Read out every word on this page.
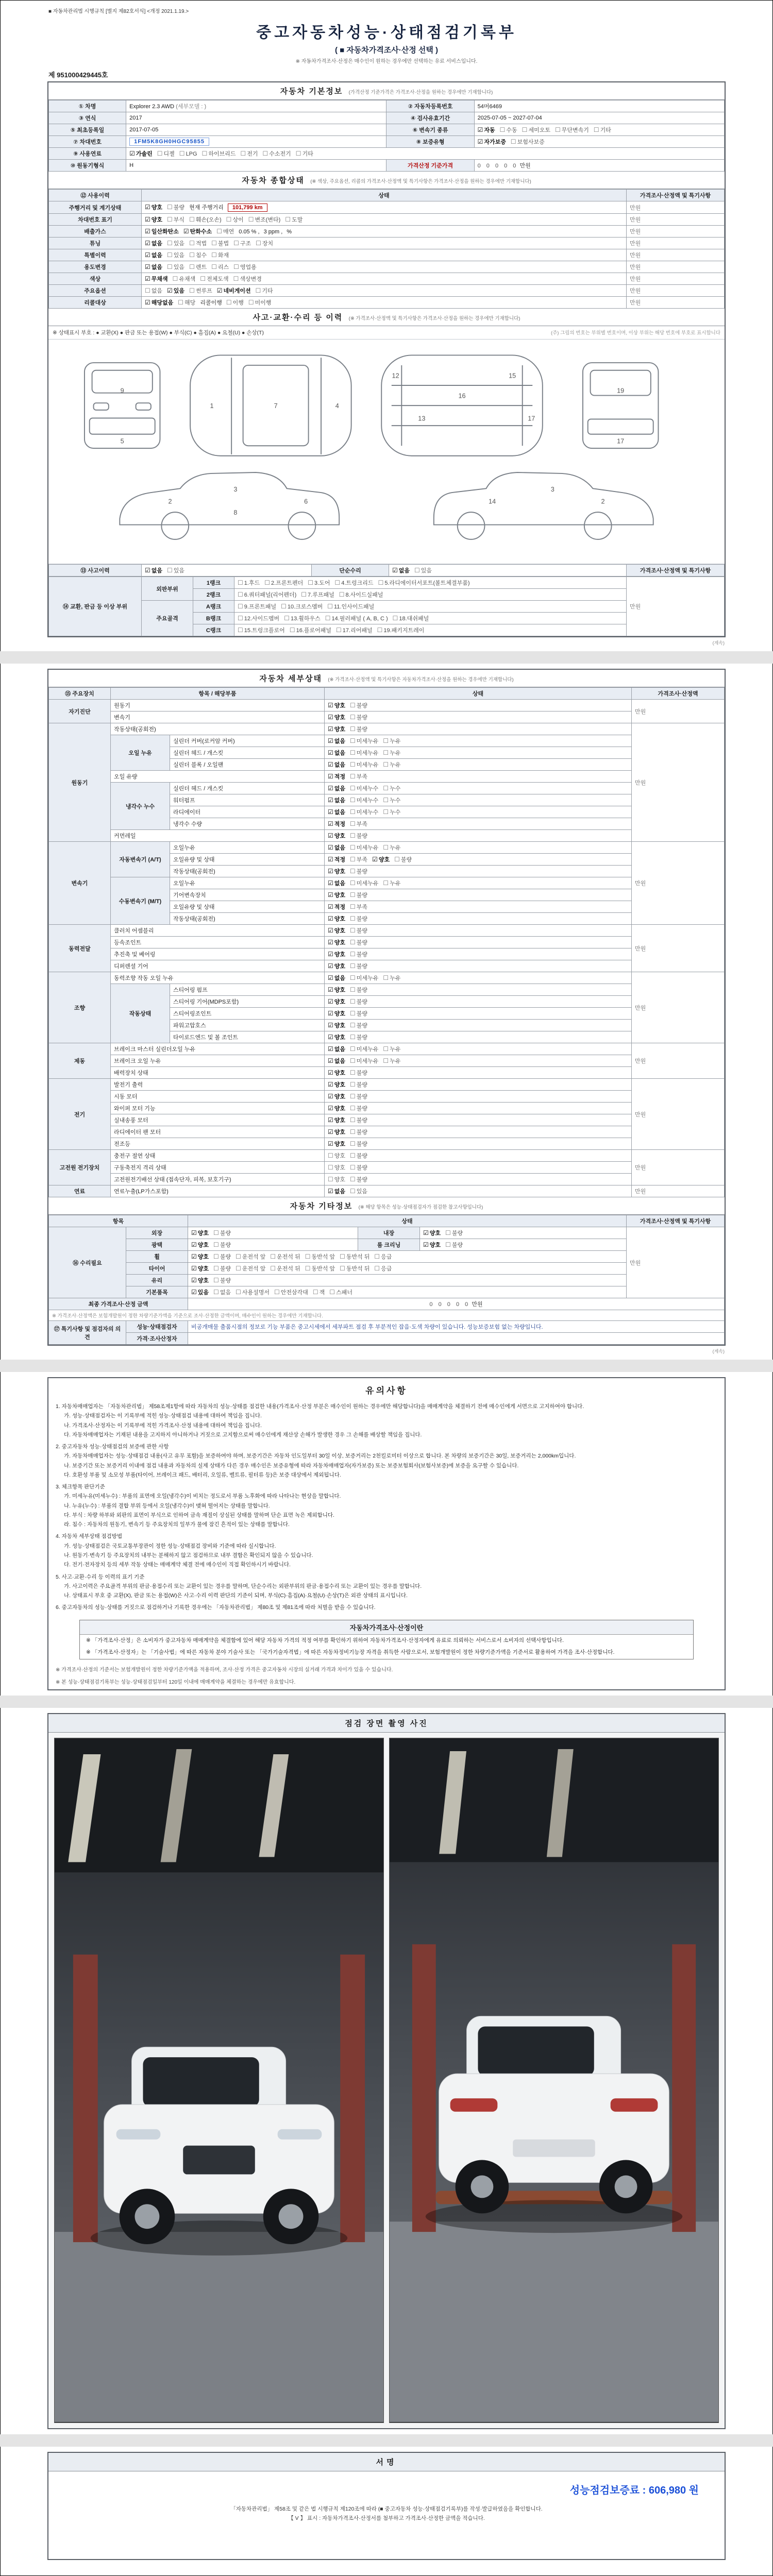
■ 자동차관리법 시행규칙 [별지 제82호서식] <개정 2021.1.19.>
중고자동차성능·상태점검기록부
( ■ 자동차가격조사·산정 선택 )
※ 자동차가격조사·산정은 매수인이 원하는 경우에만 선택하는 유료 서비스입니다.
제 951000429445호
자동차 기본정보 (가격산정 기준가격은 가격조사·산정을 원하는 경우에만 기재합니다)
① 차명	Explorer 2.3 AWD (세부모델 : )	② 자동차등록번호	54머6469
③ 연식	2017	④ 검사유효기간	2025-07-05 ~ 2027-07-04
⑤ 최초등록일	2017-07-05	⑥ 변속기 종류	☑ 자동 ☐ 수동 ☐ 세미오토 ☐ 무단변속기 ☐ 기타
⑦ 차대번호	1FM5K8GH0HGC95855	⑧ 보증유형	☑ 자가보증 ☐ 보험사보증
⑨ 사용연료	☑ 가솔린 ☐ 디젤 ☐ LPG ☐ 하이브리드 ☐ 전기 ☐ 수소전기 ☐ 기타		
⑩ 원동기형식	H	가격산정 기준가격	0 0 0 0 0 만원
자동차 종합상태 (※ 색상, 주요옵션, 리콜의 가격조사·산정액 및 특기사항은 가격조사·산정을 원하는 경우에만 기재합니다)
⑫ 사용이력	상태	가격조사·산정액 및 특기사항
주행거리 및 계기상태	☑ 양호 ☐ 불량 현재 주행거리 101,799 km	만원
차대번호 표기	☑ 양호 ☐ 부식 ☐ 훼손(오손) ☐ 상이 ☐ 변조(변타) ☐ 도말	만원
배출가스	☑ 일산화탄소 ☑ 탄화수소 ☐ 매연 0.05 % , 3 ppm , %	만원
튜닝	☑ 없음 ☐ 있음 ☐ 적법 ☐ 불법 ☐ 구조 ☐ 장치	만원
특별이력	☑ 없음 ☐ 있음 ☐ 침수 ☐ 화재	만원
용도변경	☑ 없음 ☐ 있음 ☐ 렌트 ☐ 리스 ☐ 영업용	만원
색상	☑ 무채색 ☐ 유채색 ☐ 전체도색 ☐ 색상변경	만원
주요옵션	☐ 없음 ☑ 있음 ☐ 썬루프 ☑ 네비게이션 ☐ 기타	만원
리콜대상	☑ 해당없음 ☐ 해당 리콜이행 ☐ 이행 ☐ 미이행	만원
사고·교환·수리 등 이력 (※ 가격조사·산정액 및 특기사항은 가격조사·산정을 원하는 경우에만 기재합니다)
(주) 그림의 번호는 부위별 번호이며, 이상 부위는 해당 번호에 부호로 표시합니다
※ 상태표시 부호 : ● 교환(X) ● 판금 또는 용접(W) ● 부식(C) ● 흠집(A) ● 요철(U) ● 손상(T)
9
5
1	7	4
12
16
13
15
17
19
17
2
3
6
8
14
3
2
⑬ 사고이력	☑ 없음 ☐ 있음	단순수리	☑ 없음 ☐ 있음	가격조사·산정액 및 특기사항
⑭ 교환, 판금 등 이상 부위	외판부위	1랭크	☐ 1.후드 ☐ 2.프론트펜더 ☐ 3.도어 ☐ 4.트렁크리드 ☐ 5.라디에이터서포트(볼트체결부품)	만원
		2랭크	☐ 6.쿼터패널(리어펜더) ☐ 7.루프패널 ☐ 8.사이드실패널	
	주요골격	A랭크	☐ 9.프론트패널 ☐ 10.크로스멤버 ☐ 11.인사이드패널	
		B랭크	☐ 12.사이드멤버 ☐ 13.휠하우스 ☐ 14.필러패널 ( A, B, C ) ☐ 18.대쉬패널	
		C랭크	☐ 15.트렁크플로어 ☐ 16.플로어패널 ☐ 17.리어패널 ☐ 19.패키지트레이	
(계속)
자동차 세부상태 (※ 가격조사·산정액 및 특기사항은 자동차가격조사·산정을 원하는 경우에만 기재합니다)
⑮ 주요장치	항목 / 해당부품		상태	가격조사·산정액
자기진단	원동기		☑ 양호 ☐ 불량	만원
	변속기		☑ 양호 ☐ 불량	
원동기	작동상태(공회전)		☑ 양호 ☐ 불량	만원
	오일 누유	실린더 커버(로커암 커버)	☑ 없음 ☐ 미세누유 ☐ 누유	
		실린더 헤드 / 개스킷	☑ 없음 ☐ 미세누유 ☐ 누유	
		실린더 블록 / 오일팬	☑ 없음 ☐ 미세누유 ☐ 누유	
	오일 유량		☑ 적정 ☐ 부족	
	냉각수 누수	실린더 헤드 / 개스킷	☑ 없음 ☐ 미세누수 ☐ 누수	
		워터펌프	☑ 없음 ☐ 미세누수 ☐ 누수	
		라디에이터	☑ 없음 ☐ 미세누수 ☐ 누수	
		냉각수 수량	☑ 적정 ☐ 부족	
	커먼레일		☑ 양호 ☐ 불량	
변속기	자동변속기 (A/T)	오일누유	☑ 없음 ☐ 미세누유 ☐ 누유	만원
		오일유량 및 상태	☑ 적정 ☐ 부족 ☑ 양호 ☐ 불량	
		작동상태(공회전)	☑ 양호 ☐ 불량	
	수동변속기 (M/T)	오일누유	☑ 없음 ☐ 미세누유 ☐ 누유	
		기어변속장치	☑ 양호 ☐ 불량	
		오일유량 및 상태	☑ 적정 ☐ 부족	
		작동상태(공회전)	☑ 양호 ☐ 불량	
동력전달	클러치 어셈블리		☑ 양호 ☐ 불량	만원
	등속조인트		☑ 양호 ☐ 불량	
	추진축 및 베어링		☑ 양호 ☐ 불량	
	디퍼렌셜 기어		☑ 양호 ☐ 불량	
조향	동력조향 작동 오일 누유		☑ 없음 ☐ 미세누유 ☐ 누유	만원
	작동상태	스티어링 펌프	☑ 양호 ☐ 불량	
		스티어링 기어(MDPS포함)	☑ 양호 ☐ 불량	
		스티어링조인트	☑ 양호 ☐ 불량	
		파워고압호스	☑ 양호 ☐ 불량	
		타이로드엔드 및 볼 조인트	☑ 양호 ☐ 불량	
제동	브레이크 마스터 실린더오일 누유		☑ 없음 ☐ 미세누유 ☐ 누유	만원
	브레이크 오일 누유		☑ 없음 ☐ 미세누유 ☐ 누유	
	배력장치 상태		☑ 양호 ☐ 불량	
전기	발전기 출력		☑ 양호 ☐ 불량	만원
	시동 모터		☑ 양호 ☐ 불량	
	와이퍼 모터 기능		☑ 양호 ☐ 불량	
	실내송풍 모터		☑ 양호 ☐ 불량	
	라디에이터 팬 모터		☑ 양호 ☐ 불량	
	전조등		☑ 양호 ☐ 불량	
고전원 전기장치	충전구 절연 상태		☐ 양호 ☐ 불량	만원
	구동축전지 격리 상태		☐ 양호 ☐ 불량	
	고전원전기배선 상태 (접속단자, 피복, 보호기구)		☐ 양호 ☐ 불량	
연료	연료누출(LP가스포함)		☑ 없음 ☐ 있음	만원
자동차 기타정보 (※ 해당 항목은 성능·상태점검자가 점검한 참고사항입니다)
항목		상태			가격조사·산정액 및 특기사항
⑯ 수리필요	외장	☑ 양호 ☐ 불량	내장	☑ 양호 ☐ 불량	만원
	광택	☑ 양호 ☐ 불량	룸 크리닝	☑ 양호 ☐ 불량	
	휠	☑ 양호 ☐ 불량 ☐ 운전석 앞 ☐ 운전석 뒤 ☐ 동반석 앞 ☐ 동반석 뒤 ☐ 응급			
	타이어	☑ 양호 ☐ 불량 ☐ 운전석 앞 ☐ 운전석 뒤 ☐ 동반석 앞 ☐ 동반석 뒤 ☐ 응급			
	유리	☑ 양호 ☐ 불량			
	기본품목	☑ 있음 ☐ 없음 ☐ 사용설명서 ☐ 안전삼각대 ☐ 잭 ☐ 스패너			
최종 가격조사·산정 금액		0 0 0 0 0 만원			
※ 가격조사·산정액은 보험개발원이 정한 차량기준가액을 기준으로 조사·산정한 금액이며, 매수인이 원하는 경우에만 기재합니다.					
⑰ 특기사항 및 점검자의 의견	성능·상태점검자	비공개매물 출품시점의 정보로 기능 부품은 중고시세에서 세부파트 점검 후 부분적인 잡음·도색 차량이 있습니다. 성능보증보험 없는 차량입니다.			
	가격·조사산정자				
(계속)
유의사항
1. 자동차매매업자는 「자동차관리법」 제58조제1항에 따라 자동차의 성능·상태를 점검한 내용(가격조사·산정 부분은 매수인이 원하는 경우에만 해당합니다)을 매매계약을 체결하기 전에 매수인에게 서면으로 고지하여야 합니다.
가. 성능·상태점검자는 이 기록부에 적힌 성능·상태점검 내용에 대하여 책임을 집니다.
나. 가격조사·산정자는 이 기록부에 적힌 가격조사·산정 내용에 대하여 책임을 집니다.
다. 자동차매매업자는 기재된 내용을 고지하지 아니하거나 거짓으로 고지함으로써 매수인에게 재산상 손해가 발생한 경우 그 손해를 배상할 책임을 집니다.
2. 중고자동차 성능·상태점검의 보증에 관한 사항
가. 자동차매매업자는 성능·상태점검 내용(사고 유무 포함)을 보증하여야 하며, 보증기간은 자동차 인도일부터 30일 이상, 보증거리는 2천킬로미터 이상으로 합니다. 본 차량의 보증기간은 30일, 보증거리는 2,000km입니다.
나. 보증기간 또는 보증거리 이내에 점검 내용과 자동차의 실제 상태가 다른 경우 매수인은 보증유형에 따라 자동차매매업자(자가보증) 또는 보증보험회사(보험사보증)에 보증을 요구할 수 있습니다.
다. 호환성 부품 및 소모성 부품(타이어, 브레이크 패드, 배터리, 오일류, 벨트류, 필터류 등)은 보증 대상에서 제외됩니다.
3. 체크항목 판단기준
가. 미세누유(미세누수) : 부품의 표면에 오일(냉각수)이 비치는 정도로서 부품 노후화에 따라 나타나는 현상을 말합니다.
나. 누유(누수) : 부품의 결합 부위 등에서 오일(냉각수)이 맺혀 떨어지는 상태를 말합니다.
다. 부식 : 차량 하부와 외판의 표면이 부식으로 인하여 금속 재질이 상실된 상태를 말하며 단순 표면 녹은 제외합니다.
라. 침수 : 자동차의 원동기, 변속기 등 주요장치의 일부가 물에 잠긴 흔적이 있는 상태를 말합니다.
4. 자동차 세부상태 점검방법
가. 성능·상태점검은 국토교통부장관이 정한 성능·상태점검 장비와 기준에 따라 실시합니다.
나. 원동기·변속기 등 주요장치의 내부는 분해하지 않고 점검하므로 내부 결함은 확인되지 않을 수 있습니다.
다. 전기·전자장치 등의 세부 작동 상태는 매매계약 체결 전에 매수인이 직접 확인하시기 바랍니다.
5. 사고·교환·수리 등 이력의 표기 기준
가. 사고이력은 주요골격 부위의 판금·용접수리 또는 교환이 있는 경우를 말하며, 단순수리는 외판부위의 판금·용접수리 또는 교환이 있는 경우를 말합니다.
나. 상태표시 부호 중 교환(X), 판금 또는 용접(W)은 사고·수리 이력 판단의 기준이 되며, 부식(C)·흠집(A)·요철(U)·손상(T)은 외관 상태의 표시입니다.
6. 중고자동차의 성능·상태를 거짓으로 점검하거나 기록한 경우에는 「자동차관리법」 제80조 및 제81조에 따라 처벌을 받을 수 있습니다.
자동차가격조사·산정이란
※ 「가격조사·산정」은 소비자가 중고자동차 매매계약을 체결함에 있어 해당 자동차 가격의 적정 여부를 확인하기 위하여 자동차가격조사·산정자에게 유료로 의뢰하는 서비스로서 소비자의 선택사항입니다.
※ 「가격조사·산정자」는 「기술사법」에 따른 자동차 분야 기술사 또는 「국가기술자격법」에 따른 자동차정비기능장 자격을 취득한 사람으로서, 보험개발원이 정한 차량기준가액을 기준서로 활용하여 가격을 조사·산정합니다.
※ 가격조사·산정의 기준서는 보험개발원이 정한 차량기준가액을 적용하며, 조사·산정 가격은 중고자동차 시장의 실거래 가격과 차이가 있을 수 있습니다.
※ 본 성능·상태점검기록부는 성능·상태점검일부터 120일 이내에 매매계약을 체결하는 경우에만 유효합니다.
점검 장면 촬영 사진
서명
성능점검보증료 : 606,980 원
「자동차관리법」 제58조 및 같은 법 시행규칙 제120조에 따라 (■ 중고자동차 성능·상태점검기록부)를 작성·발급하였음을 확인합니다.
【 V 】 표시 : 자동차가격조사·산정서를 첨부하고 가격조사·산정한 금액을 적습니다.
